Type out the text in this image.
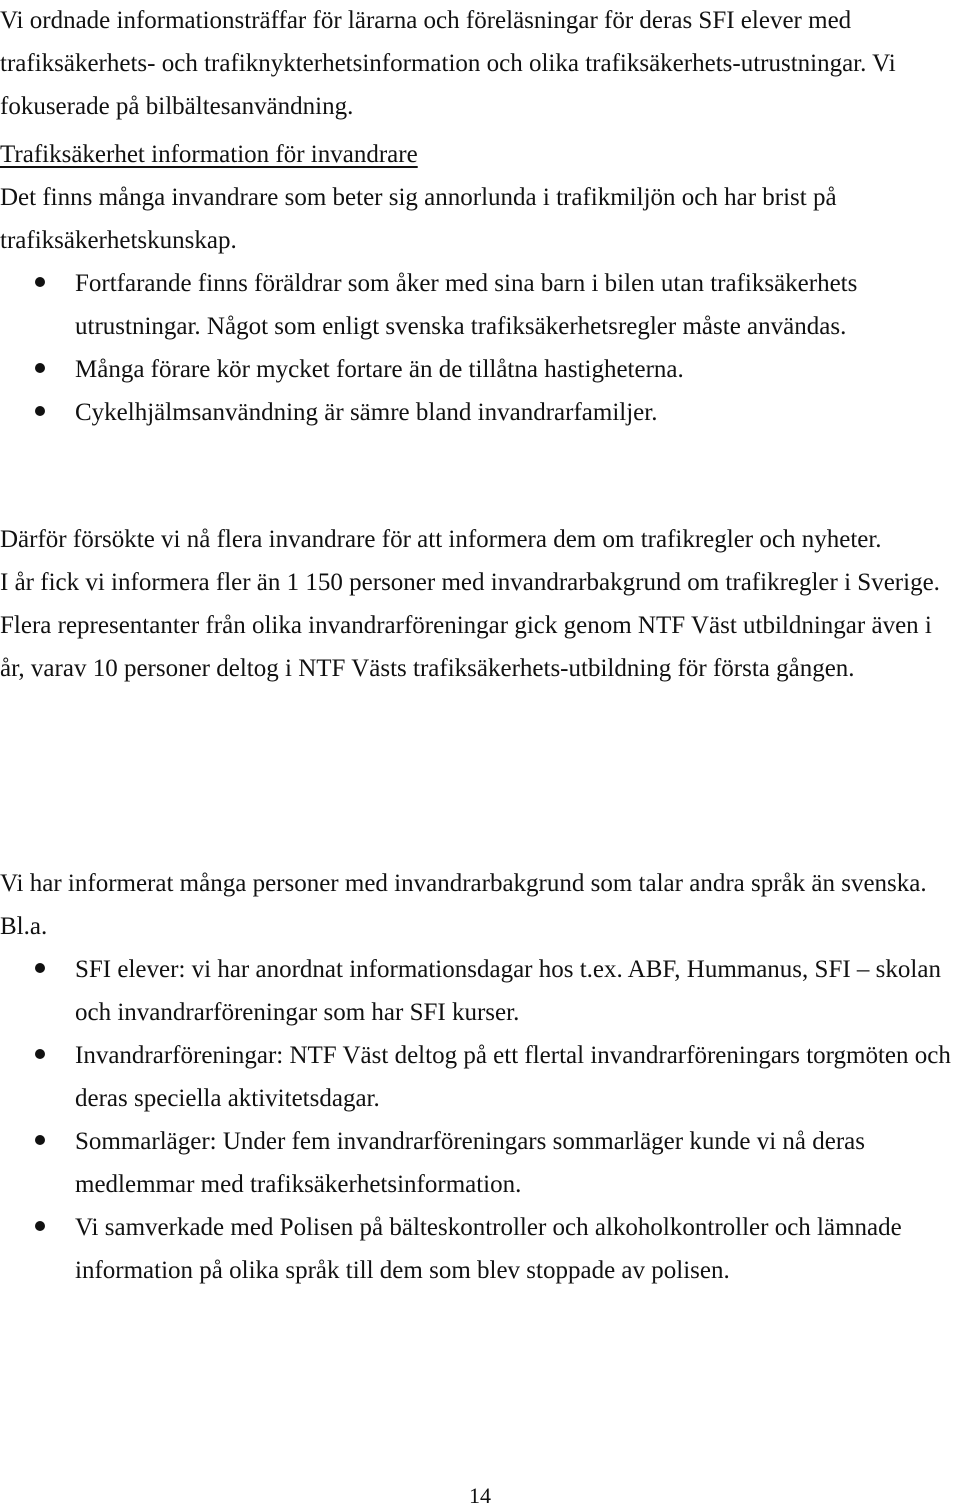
Vi ordnade informationsträffar för lärarna och föreläsningar för deras SFI elever med trafiksäkerhets- och trafiknykterhetsinformation och olika trafiksäkerhets-utrustningar. Vi fokuserade på bilbältesanvändning.

Trafiksäkerhet information för invandrare

Det finns många invandrare som beter sig annorlunda i trafikmiljön och har brist på trafiksäkerhetskunskap.

Fortfarande finns föräldrar som åker med sina barn i bilen utan trafiksäkerhets utrustningar. Något som enligt svenska trafiksäkerhetsregler måste användas.
Många förare kör mycket fortare än de tillåtna hastigheterna.
Cykelhjälmsanvändning är sämre bland invandrarfamiljer.

Därför försökte vi nå flera invandrare för att informera dem om trafikregler och nyheter.

I år fick vi informera fler än 1 150 personer med invandrarbakgrund om trafikregler i Sverige.

Flera representanter från olika invandrarföreningar gick genom NTF Väst utbildningar även i år, varav 10 personer deltog i NTF Västs trafiksäkerhets-utbildning för första gången.

Vi har informerat många personer med invandrarbakgrund som talar andra språk än svenska. Bl.a.

SFI elever: vi har anordnat informationsdagar hos t.ex. ABF, Hummanus, SFI – skolan och invandrarföreningar som har SFI kurser.
Invandrarföreningar: NTF Väst deltog på ett flertal invandrarföreningars torgmöten och deras speciella aktivitetsdagar.
Sommarläger: Under fem invandrarföreningars sommarläger kunde vi nå deras medlemmar med trafiksäkerhetsinformation.
Vi samverkade med Polisen på bälteskontroller och alkoholkontroller och lämnade information på olika språk till dem som blev stoppade av polisen.
14
